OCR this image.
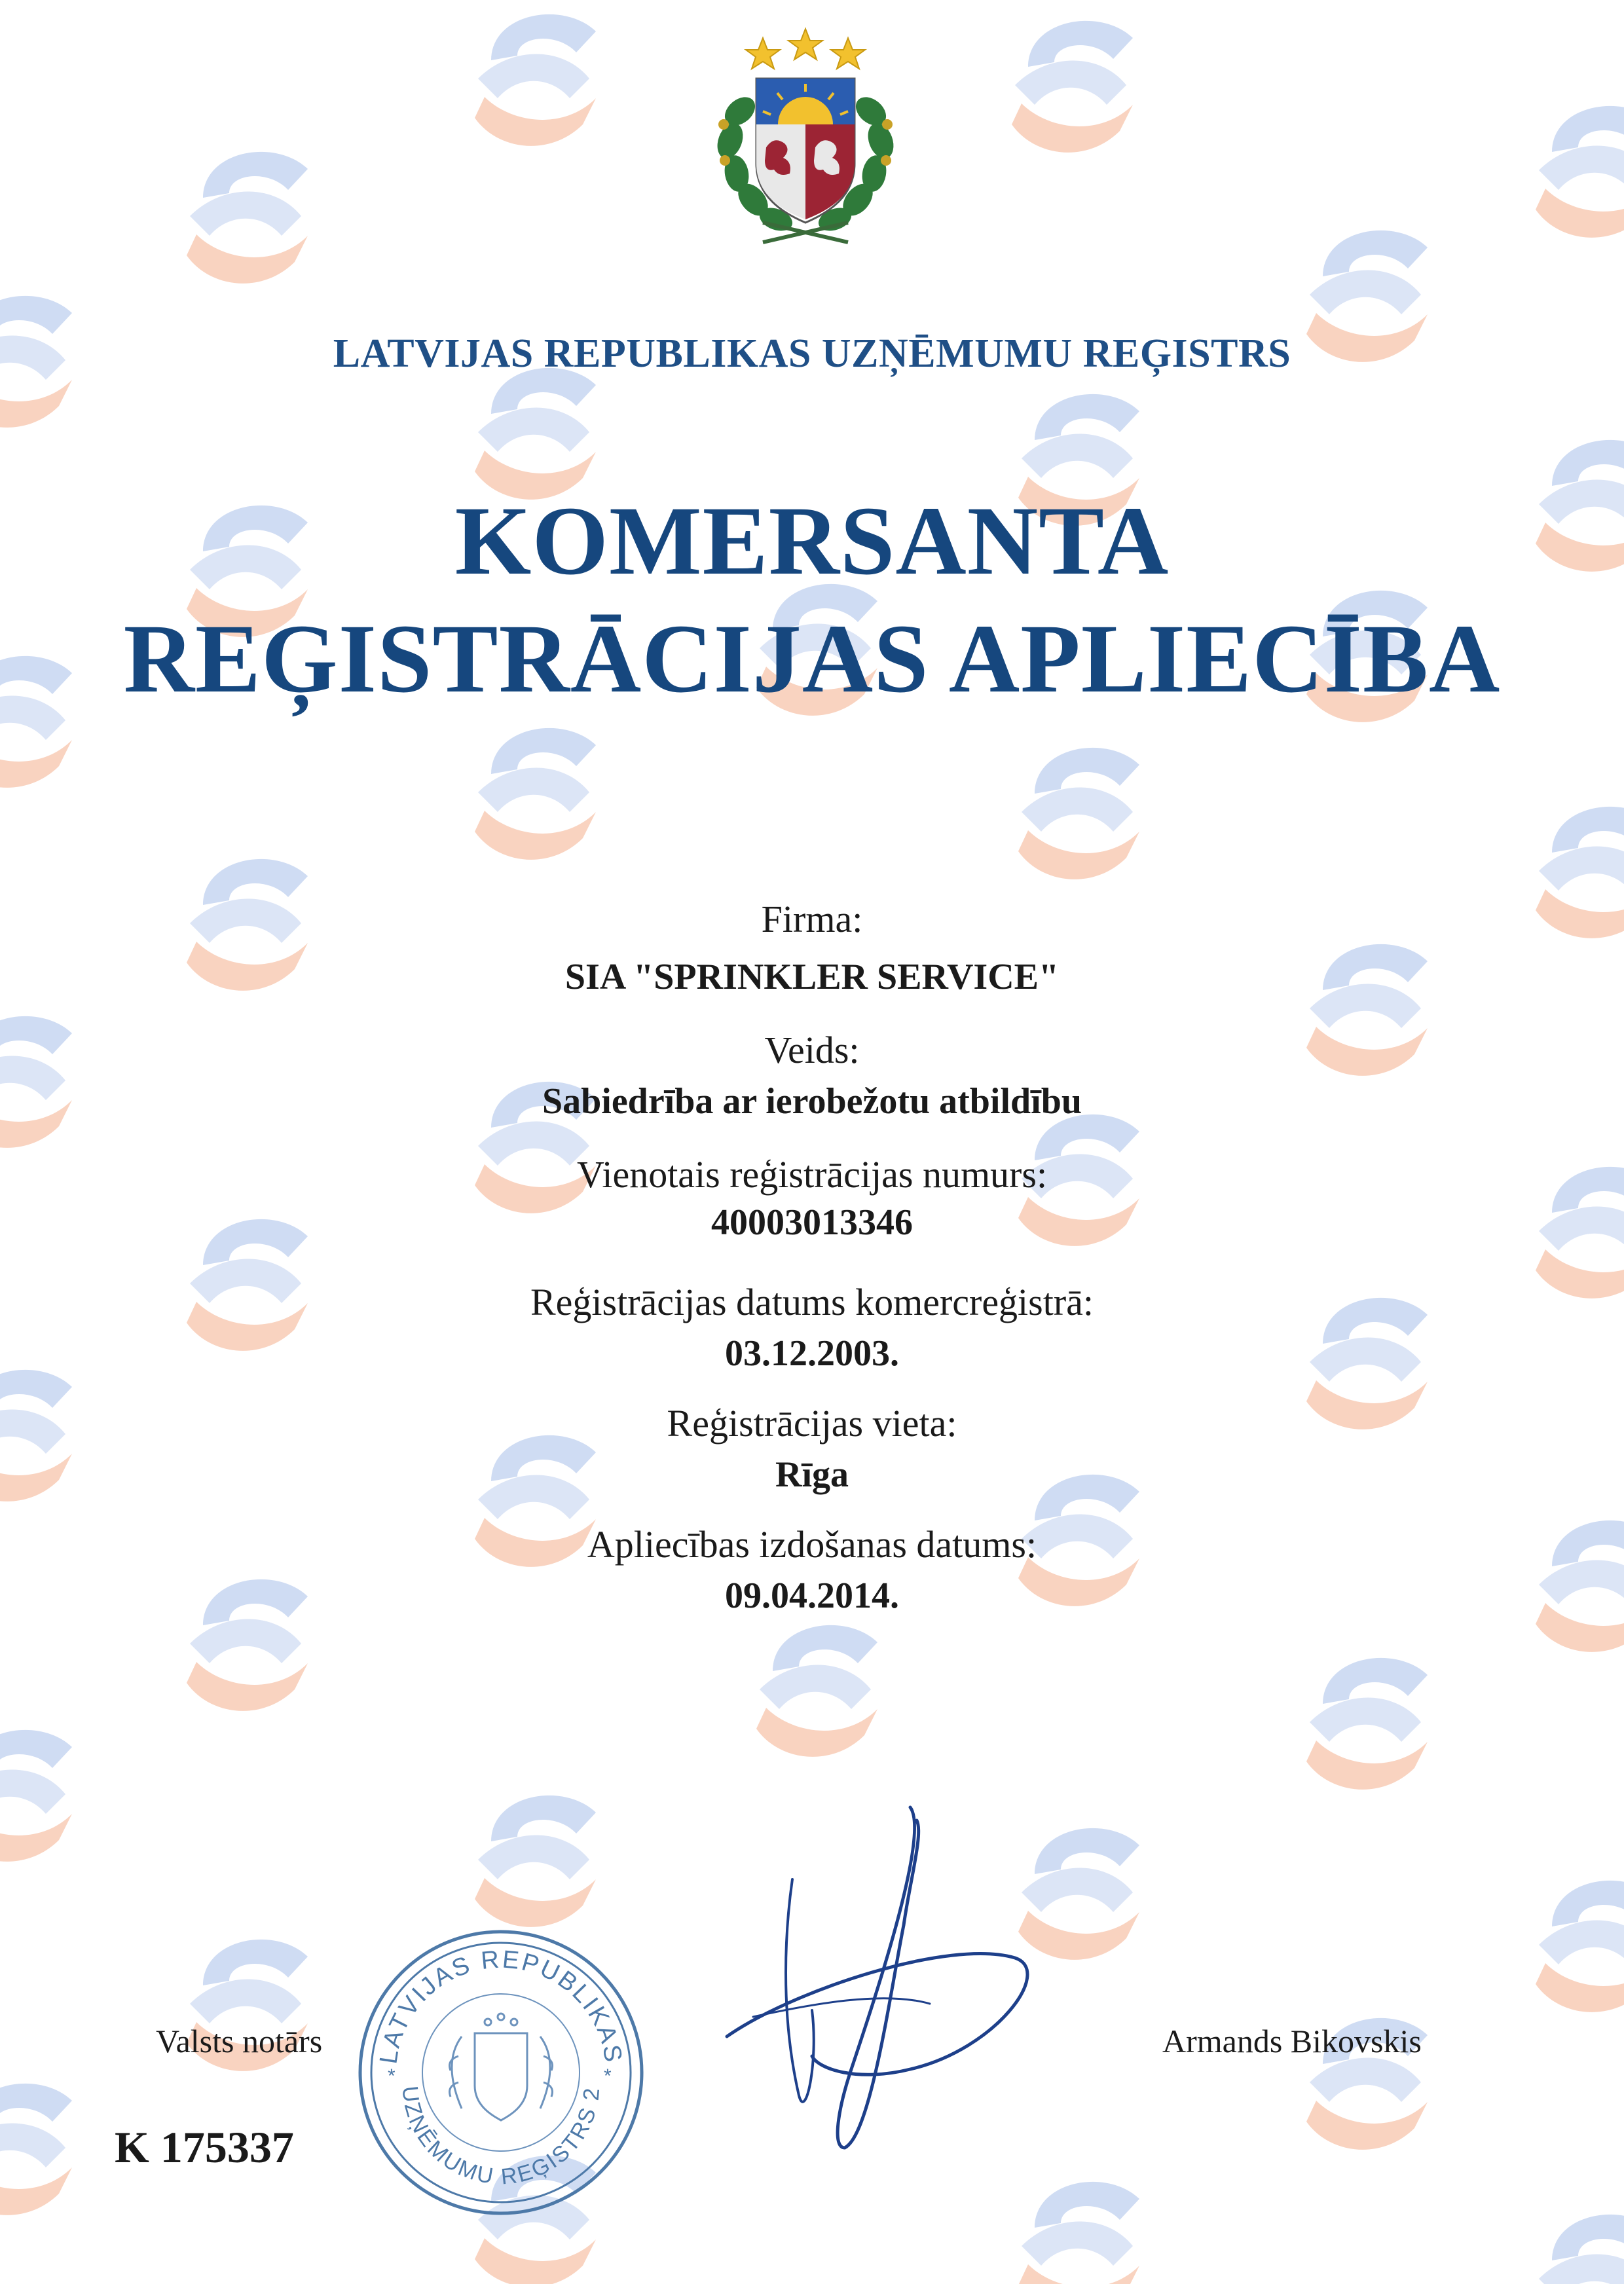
LATVIJAS REPUBLIKAS UZŅĒMUMU REĢISTRS
KOMERSANTA
REĢISTRĀCIJAS APLIECĪBA
Firma:
SIA "SPRINKLER SERVICE"
Veids:
Sabiedrība ar ierobežotu atbildību
Vienotais reģistrācijas numurs:
40003013346
Reģistrācijas datums komercreģistrā:
03.12.2003.
Reģistrācijas vieta:
Rīga
Apliecības izdošanas datums:
09.04.2014.
Valsts notārs LATVIJAS REPUBLIKAS
UZŅĒMUMU REĢISTRS 2
*	*
Armands Bikovskis
K 175337
